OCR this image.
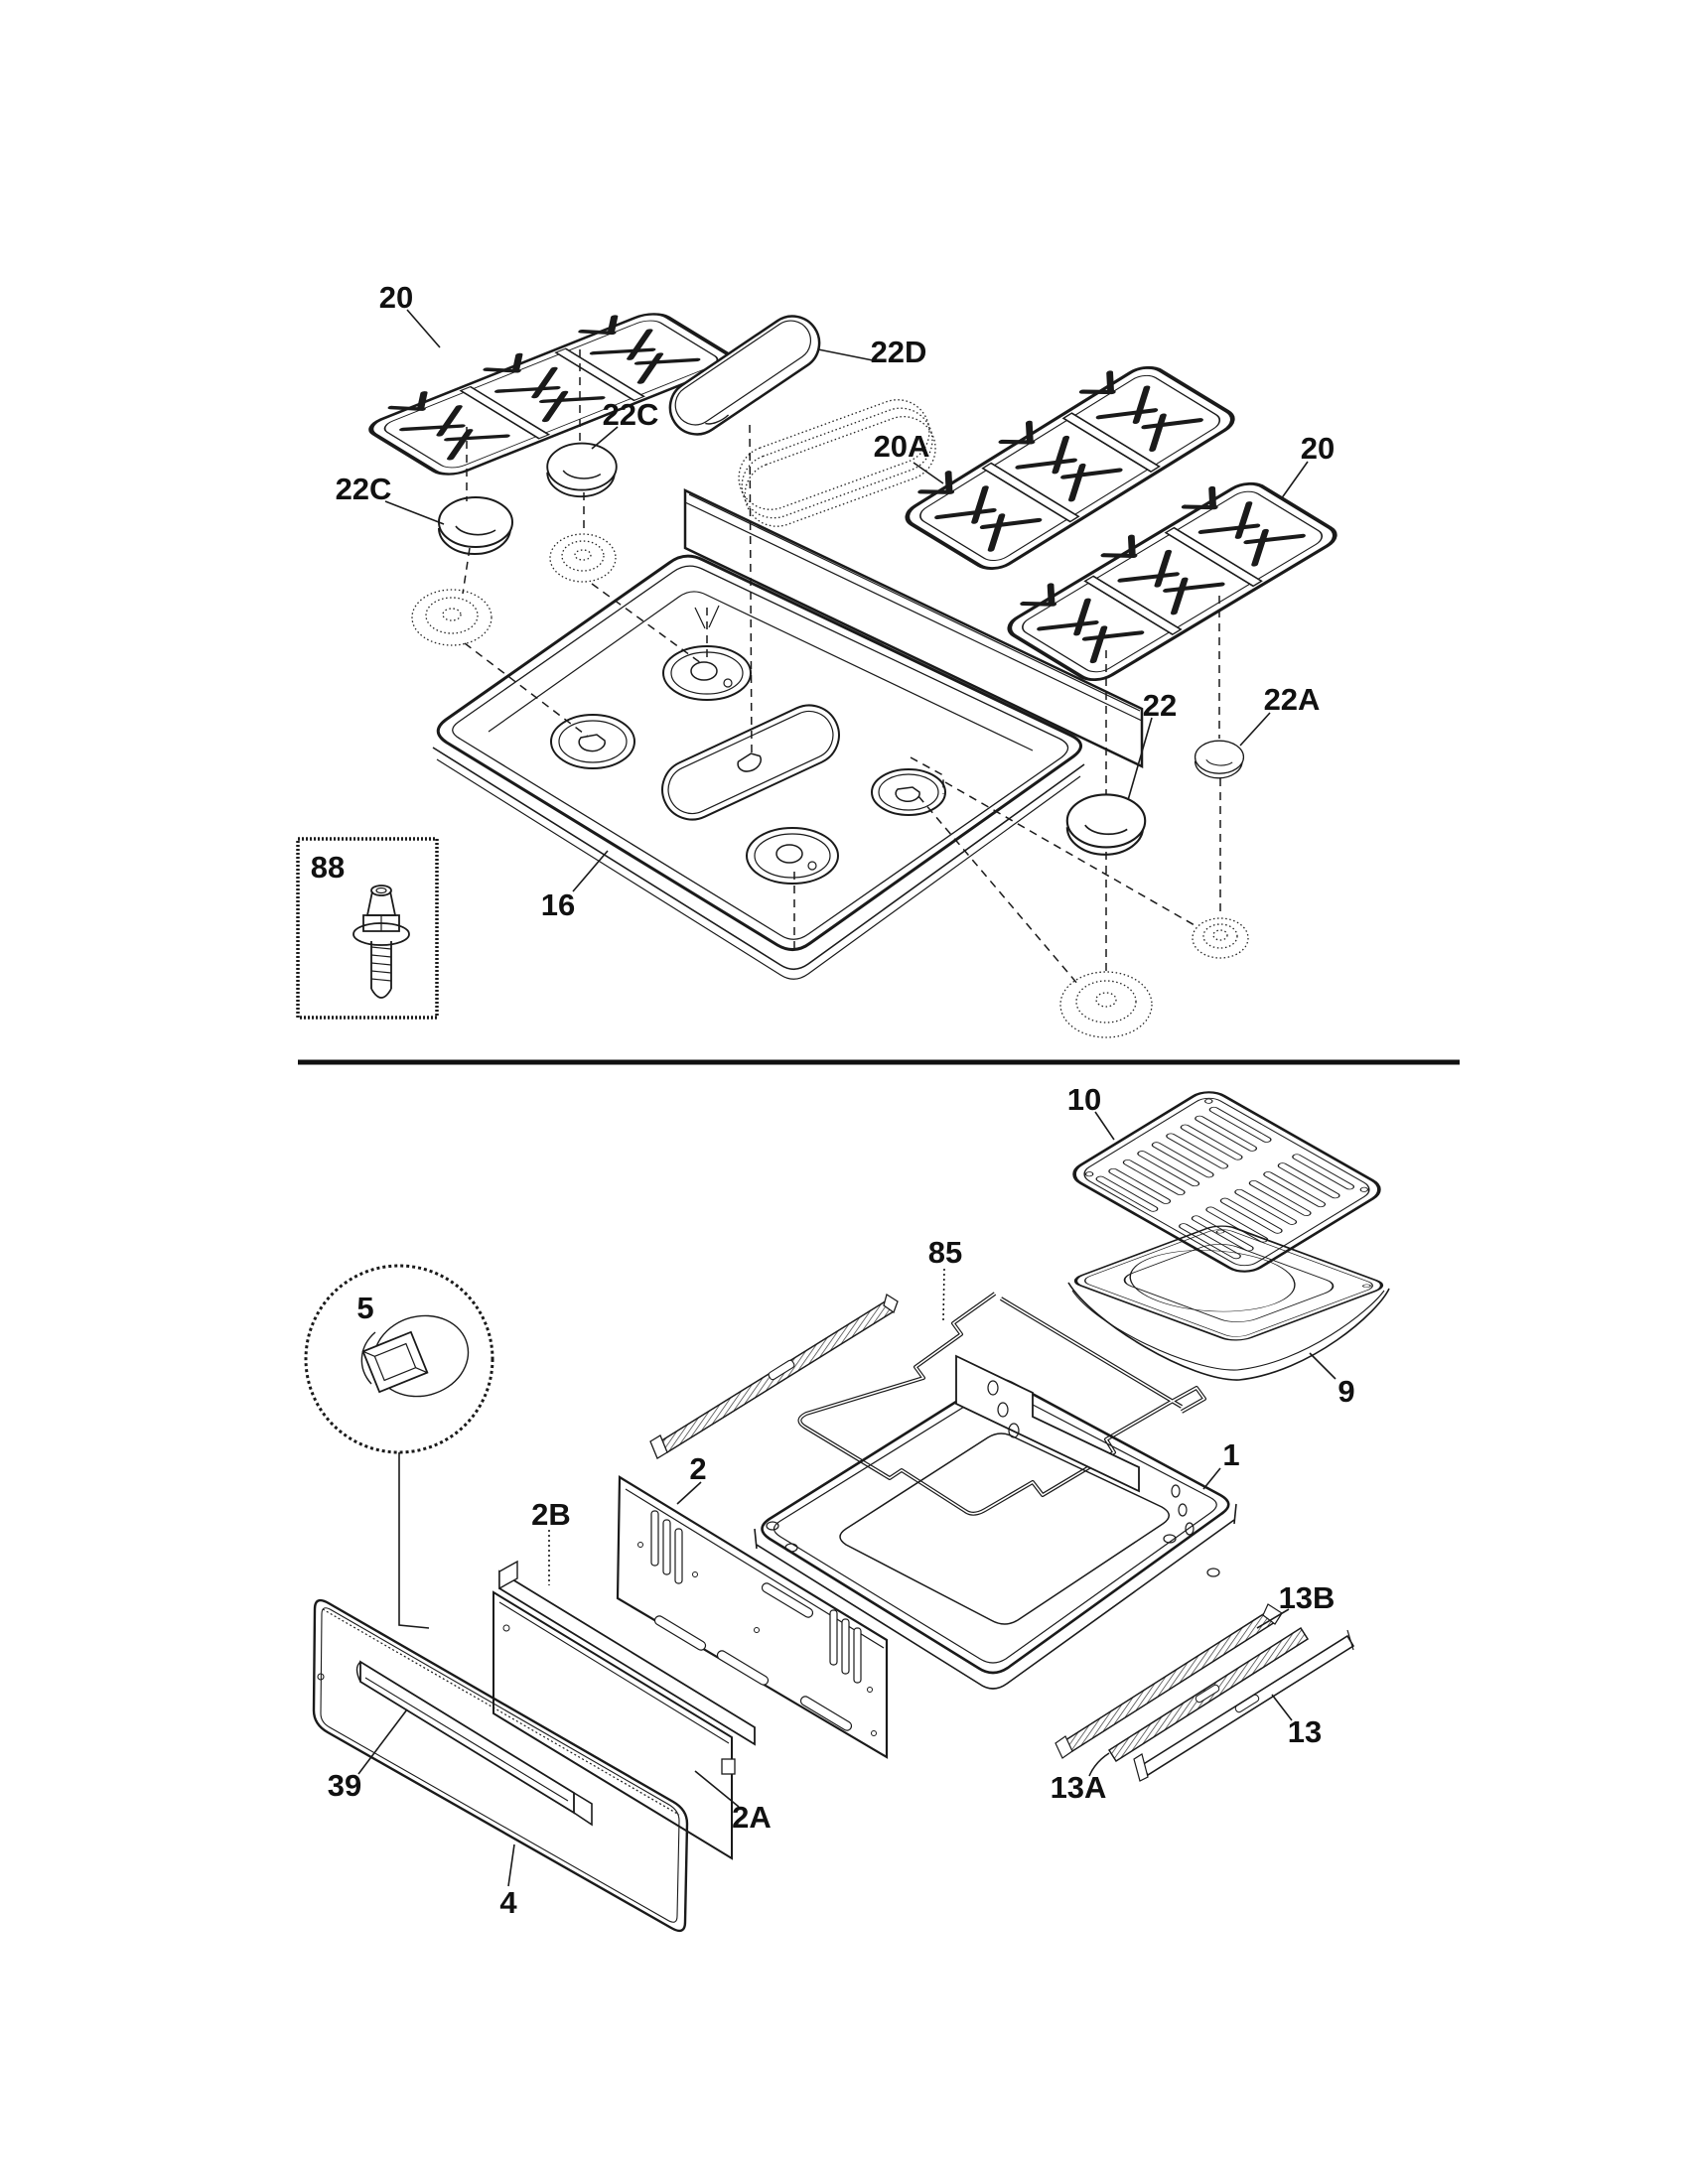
20
22C
22C
22D
20A	20
22	22A
16
88
10
9
85
5
2
2B
1
13B
13
13A
39
2A
4
